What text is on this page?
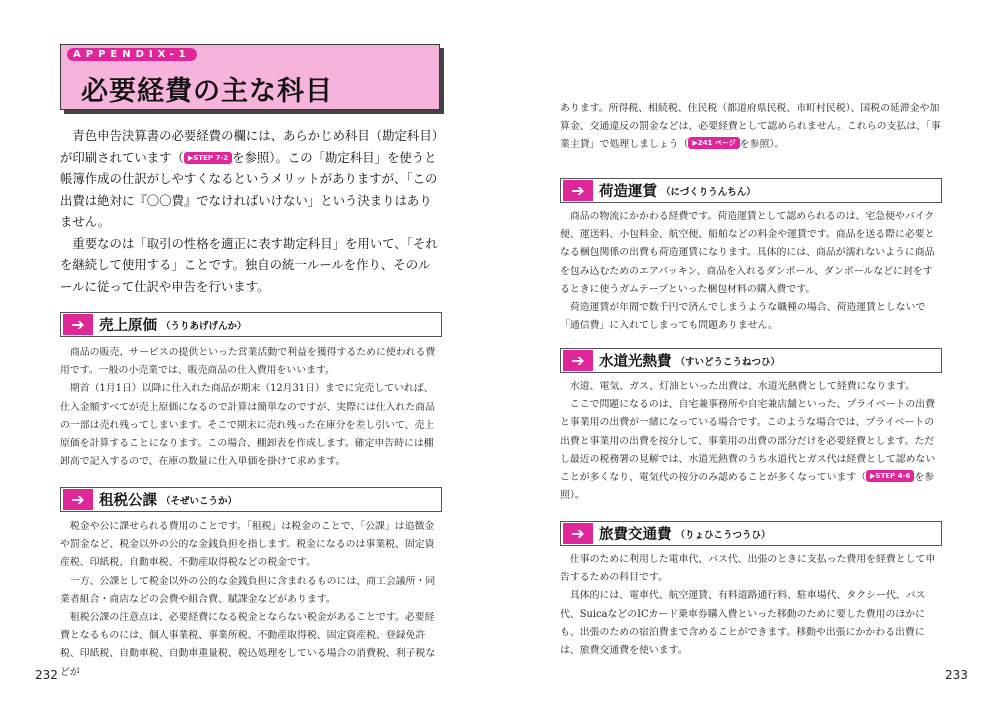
APPENDIX-1
必要経費の主な科目

青色申告決算書の必要経費の欄には、あらかじめ科目（勘定科目）が印刷されています（ ▶STEP 7-2 を参照）。この「勘定科目」を使うと帳簿作成の仕訳がしやすくなるというメリットがありますが、「この出費は絶対に『〇〇費』でなければいけない」という決まりはありません。

重要なのは「取引の性格を適正に表す勘定科目」を用いて、「それを継続して使用する」ことです。独自の統一ルールを作り、そのルールに従って仕訳や申告を行います。

➔ 売上原価 （うりあげげんか）

商品の販売、サービスの提供といった営業活動で利益を獲得するために使われる費用です。一般の小売業では、販売商品の仕入費用をいいます。

期首（1月1日）以降に仕入れた商品が期末（12月31日）までに完売していれば、仕入金額すべてが売上原価になるので計算は簡単なのですが、実際には仕入れた商品の一部は売れ残ってしまいます。そこで期末に売れ残った在庫分を差し引いて、売上原価を計算することになります。この場合、棚卸表を作成します。確定申告時には棚卸高で記入するので、在庫の数量に仕入単価を掛けて求めます。

➔ 租税公課 （そぜいこうか）

税金や公に課せられる費用のことです。「租税」は税金のことで、「公課」は追徴金や罰金など、税金以外の公的な金銭負担を指します。税金になるのは事業税、固定資産税、印紙税、自動車税、不動産取得税などの税金です。

一方、公課として税金以外の公的な金銭負担に含まれるものには、商工会議所・同業者組合・商店などの会費や組合費、賦課金などがあります。

租税公課の注意点は、必要経費になる税金とならない税金があることです。必要経費となるものには、個人事業税、事業所税、不動産取得税、固定資産税、登録免許税、印紙税、自動車税、自動車重量税、税込処理をしている場合の消費税、利子税などが

232

あります。所得税、相続税、住民税（都道府県民税、市町村民税）、国税の延滞金や加算金、交通違反の罰金などは、必要経費として認められません。これらの支払は、「事業主貸」で処理しましょう（ ▶241 ページ を参照）。

➔ 荷造運賃 （にづくりうんちん）

商品の物流にかかわる経費です。荷造運賃として認められるのは、宅急便やバイク便、運送料、小包料金、航空便、船舶などの料金や運賃です。商品を送る際に必要となる梱包関係の出費も荷造運賃になります。具体的には、商品が濡れないように商品を包み込むためのエアパッキン、商品を入れるダンボール、ダンボールなどに封をするときに使うガムテープといった梱包材料の購入費です。

荷造運賃が年間で数千円で済んでしまうような職種の場合、荷造運賃としないで「通信費」に入れてしまっても問題ありません。

➔ 水道光熱費 （すいどうこうねつひ）

水道、電気、ガス、灯油といった出費は、水道光熱費として経費になります。

ここで問題になるのは、自宅兼事務所や自宅兼店舗といった、プライベートの出費と事業用の出費が一緒になっている場合です。このような場合では、プライベートの出費と事業用の出費を按分して、事業用の出費の部分だけを必要経費とします。ただし最近の税務署の見解では、水道光熱費のうち水道代とガス代は経費として認めないことが多くなり、電気代の按分のみ認めることが多くなっています（ ▶STEP 4-6 を参照）。

➔ 旅費交通費 （りょひこうつうひ）

仕事のために利用した電車代、バス代、出張のときに支払った費用を経費として申告するための科目です。

具体的には、電車代、航空運賃、有料道路通行料、駐車場代、タクシー代、バス代、SuicaなどのICカード乗車券購入費といった移動のために要した費用のほかにも、出張のための宿泊費まで含めることができます。移動や出張にかかわる出費には、旅費交通費を使います。

233
